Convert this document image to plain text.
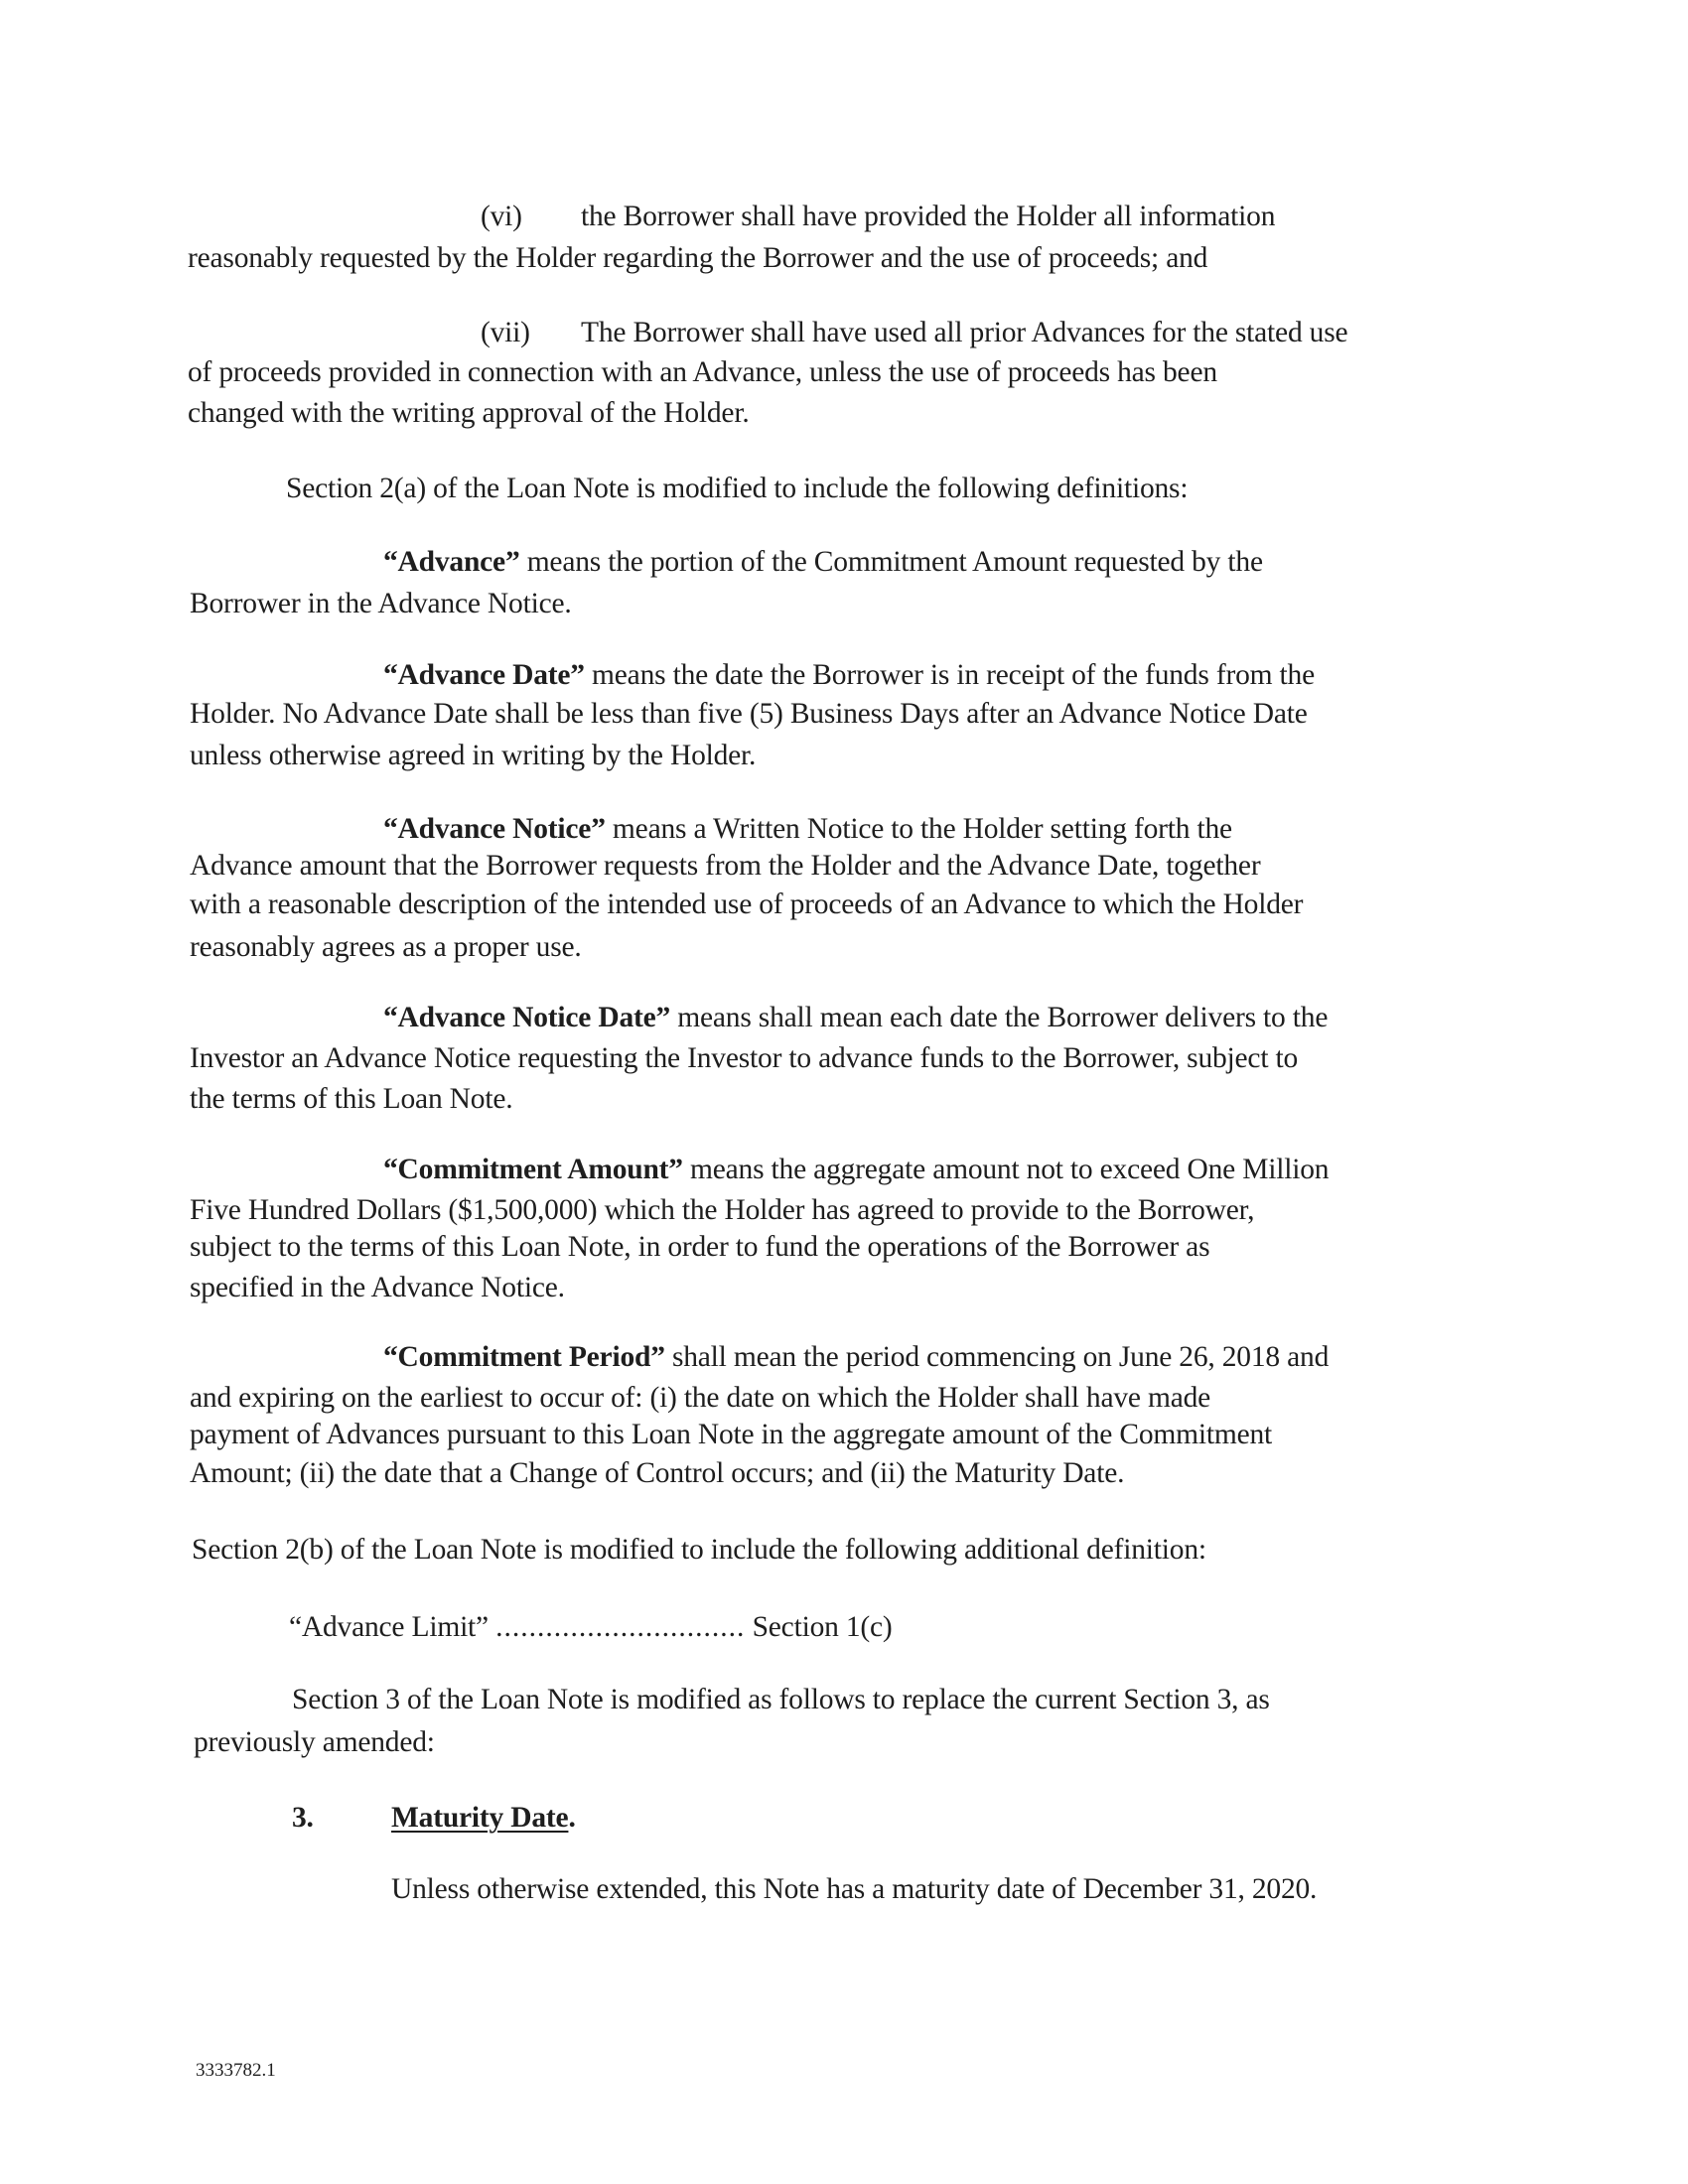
(vi) the Borrower shall have provided the Holder all information
reasonably requested by the Holder regarding the Borrower and the use of proceeds; and
(vii) The Borrower shall have used all prior Advances for the stated use
of proceeds provided in connection with an Advance, unless the use of proceeds has been
changed with the writing approval of the Holder.
Section 2(a) of the Loan Note is modified to include the following definitions:
“Advance” means the portion of the Commitment Amount requested by the
Borrower in the Advance Notice.
“Advance Date” means the date the Borrower is in receipt of the funds from the
Holder. No Advance Date shall be less than five (5) Business Days after an Advance Notice Date
unless otherwise agreed in writing by the Holder.
“Advance Notice” means a Written Notice to the Holder setting forth the
Advance amount that the Borrower requests from the Holder and the Advance Date, together
with a reasonable description of the intended use of proceeds of an Advance to which the Holder
reasonably agrees as a proper use.
“Advance Notice Date” means shall mean each date the Borrower delivers to the
Investor an Advance Notice requesting the Investor to advance funds to the Borrower, subject to
the terms of this Loan Note.
“Commitment Amount” means the aggregate amount not to exceed One Million
Five Hundred Dollars ($1,500,000) which the Holder has agreed to provide to the Borrower,
subject to the terms of this Loan Note, in order to fund the operations of the Borrower as
specified in the Advance Notice.
“Commitment Period” shall mean the period commencing on June 26, 2018 and
and expiring on the earliest to occur of: (i) the date on which the Holder shall have made
payment of Advances pursuant to this Loan Note in the aggregate amount of the Commitment
Amount; (ii) the date that a Change of Control occurs; and (ii) the Maturity Date.
Section 2(b) of the Loan Note is modified to include the following additional definition:
“Advance Limit” .............................. Section 1(c)
Section 3 of the Loan Note is modified as follows to replace the current Section 3, as
previously amended:
3.	Maturity Date.
Unless otherwise extended, this Note has a maturity date of December 31, 2020.
3333782.1
